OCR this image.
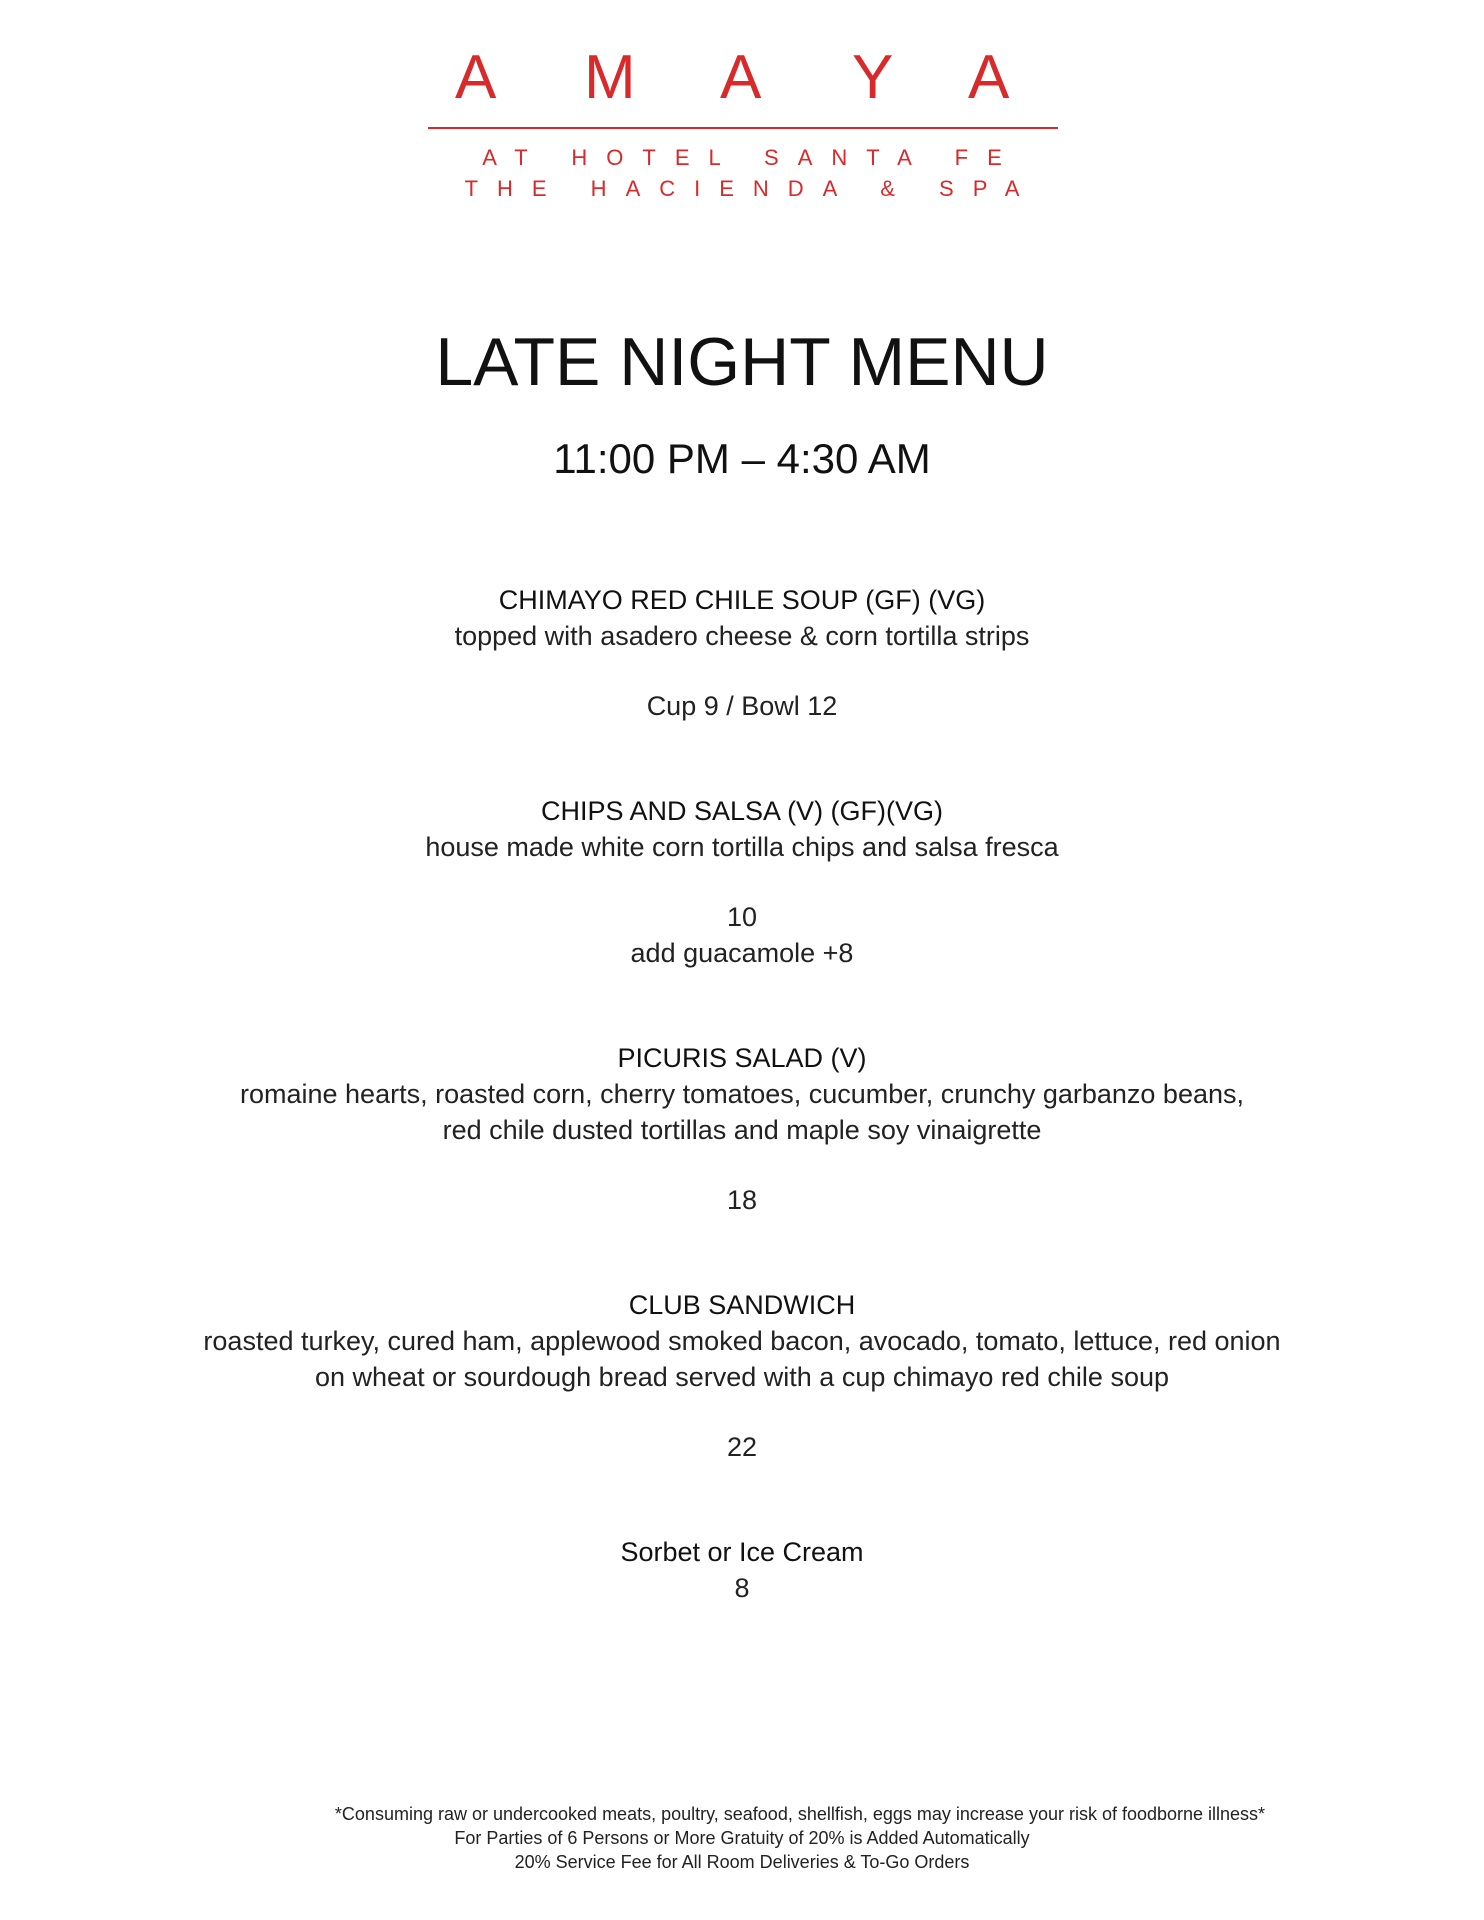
A M A Y A
AT HOTEL SANTA FE
THE HACIENDA & SPA
LATE NIGHT MENU
11:00 PM – 4:30 AM
CHIMAYO RED CHILE SOUP (GF) (VG)
topped with asadero cheese & corn tortilla strips
Cup 9 / Bowl 12
CHIPS AND SALSA (V) (GF)(VG)
house made white corn tortilla chips and salsa fresca
10
add guacamole +8
PICURIS SALAD (V)
romaine hearts, roasted corn, cherry tomatoes, cucumber, crunchy garbanzo beans,
red chile dusted tortillas and maple soy vinaigrette
18
CLUB SANDWICH
roasted turkey, cured ham, applewood smoked bacon, avocado, tomato, lettuce, red onion
on wheat or sourdough bread served with a cup chimayo red chile soup
22
Sorbet or Ice Cream
8
*Consuming raw or undercooked meats, poultry, seafood, shellfish, eggs may increase your risk of foodborne illness*
For Parties of 6 Persons or More Gratuity of 20% is Added Automatically
20% Service Fee for All Room Deliveries & To-Go Orders
